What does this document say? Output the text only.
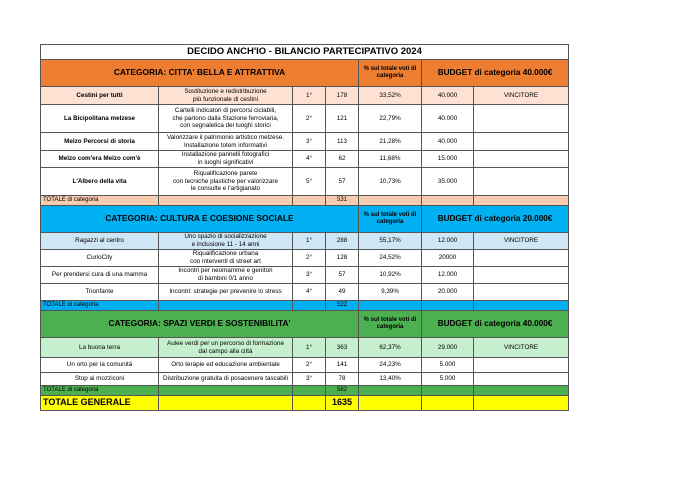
DECIDO ANCH'IO - BILANCIO PARTECIPATIVO 2024						
CATEGORIA: CITTA' BELLA E ATTRATTIVA				% sul totale voti di categoria	BUDGET di categoria 40.000€	
Cestini per tutti	Sostituzione e redistribuzione
più funzionale di cestini	1°	178	33,52%	40.000	VINCITORE
La Bicipolitana melzese	Cartelli indicatori di percorsi ciclabili,
che partono dalla Stazione ferroviaria,
con segnaletica dei luoghi storici	2°	121	22,79%	40.000	
Melzo Percorsi di storia	Valorizzare il patrimonio artistico melzese.
Installazione totem informativi	3°	113	21,28%	40.000	
Melzo com'era Melzo com'è	Installazione pannelli fotografici
in luoghi significativi	4°	62	11,68%	15.000	
L'Albero della vita	Riqualificazione parete
con tecniche plastiche per valorizzare
le consulte e l'artigianato	5°	57	10,73%	35.000	
TOTALE di categoria			531			
CATEGORIA: CULTURA E COESIONE SOCIALE				% sul totale voti di categoria	BUDGET di categoria 20.000€	
Ragazzi al centro	Uno spazio di socializzazione
e inclusione 11 - 14 anni	1°	288	55,17%	12.000	VINCITORE
CurioCity	Riqualificazione urbana
con interventi di street art	2°	128	24,52%	20000	
Per prendersi cura di una mamma	Incontri per neomamme e genitori
di bambini 0/1 anno	3°	57	10,92%	12.000	
Trionfante	Incontri: strategie per prevenire lo stress	4°	49	9,39%	20.000	
TOTALE di categoria			522			
CATEGORIA: SPAZI VERDI E SOSTENIBILITA'				% sul totale voti di categoria	BUDGET di categoria 40.000€	
La buona terra	Aulee verdi per un percorso di formazione
dal campo alla città	1°	363	62,37%	29.000	VINCITORE
Un orto per la comunità	Orto terapie ed educazione ambientale	2°	141	24,23%	5.000	
Stop ai mozziconi	Distribuzione gratuita di posacenere tascabili	3°	78	13,40%	5.000	
TOTALE di categoria			582			
TOTALE GENERALE			1635			
